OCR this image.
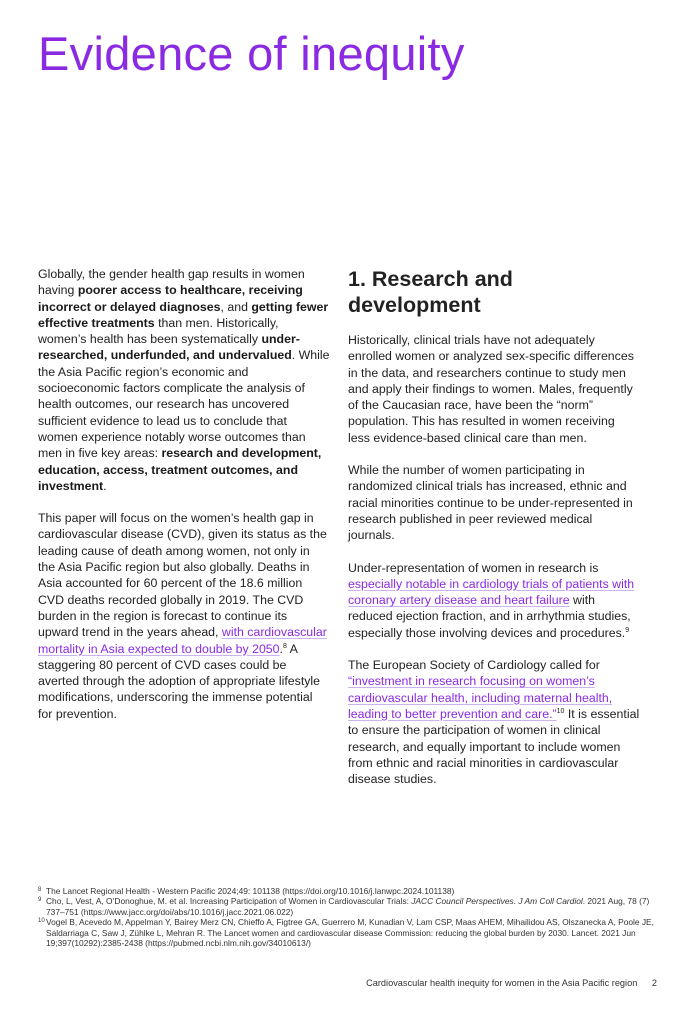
Evidence of inequity

Globally, the gender health gap results in women having poorer access to healthcare, receiving incorrect or delayed diagnoses, and getting fewer effective treatments than men. Historically, women’s health has been systematically under-researched, underfunded, and undervalued. While the Asia Pacific region’s economic and socioeconomic factors complicate the analysis of health outcomes, our research has uncovered sufficient evidence to lead us to conclude that women experience notably worse outcomes than men in five key areas: research and development, education, access, treatment outcomes, and investment.

This paper will focus on the women’s health gap in cardiovascular disease (CVD), given its status as the leading cause of death among women, not only in the Asia Pacific region but also globally. Deaths in Asia accounted for 60 percent of the 18.6 million CVD deaths recorded globally in 2019. The CVD burden in the region is forecast to continue its upward trend in the years ahead, with cardiovascular mortality in Asia expected to double by 2050.$^8$ A staggering 80 percent of CVD cases could be averted through the adoption of appropriate lifestyle modifications, underscoring the immense potential for prevention.

1. Research and development

Historically, clinical trials have not adequately enrolled women or analyzed sex-specific differences in the data, and researchers continue to study men and apply their findings to women. Males, frequently of the Caucasian race, have been the “norm” population. This has resulted in women receiving less evidence-based clinical care than men.

While the number of women participating in randomized clinical trials has increased, ethnic and racial minorities continue to be under-represented in research published in peer reviewed medical journals.

Under-representation of women in research is especially notable in cardiology trials of patients with coronary artery disease and heart failure with reduced ejection fraction, and in arrhythmia studies, especially those involving devices and procedures.$^9$

The European Society of Cardiology called for “investment in research focusing on women’s cardiovascular health, including maternal health, leading to better prevention and care.”$^{10}$ It is essential to ensure the participation of women in clinical research, and equally important to include women from ethnic and racial minorities in cardiovascular disease studies.

8 The Lancet Regional Health - Western Pacific 2024;49: 101138 (https://doi.org/10.1016/j.lanwpc.2024.101138)
9 Cho, L, Vest, A, O’Donoghue, M. et al. Increasing Participation of Women in Cardiovascular Trials: JACC Council Perspectives. J Am Coll Cardiol. 2021 Aug, 78 (7) 737–751 (https://www.jacc.org/doi/abs/10.1016/j.jacc.2021.06.022)
10 Vogel B, Acevedo M, Appelman Y, Bairey Merz CN, Chieffo A, Figtree GA, Guerrero M, Kunadian V, Lam CSP, Maas AHEM, Mihailidou AS, Olszanecka A, Poole JE, Saldarriaga C, Saw J, Zühlke L, Mehran R. The Lancet women and cardiovascular disease Commission: reducing the global burden by 2030. Lancet. 2021 Jun 19;397(10292):2385-2438 (https://pubmed.ncbi.nlm.nih.gov/34010613/)
Cardiovascular health inequity for women in the Asia Pacific region 2
